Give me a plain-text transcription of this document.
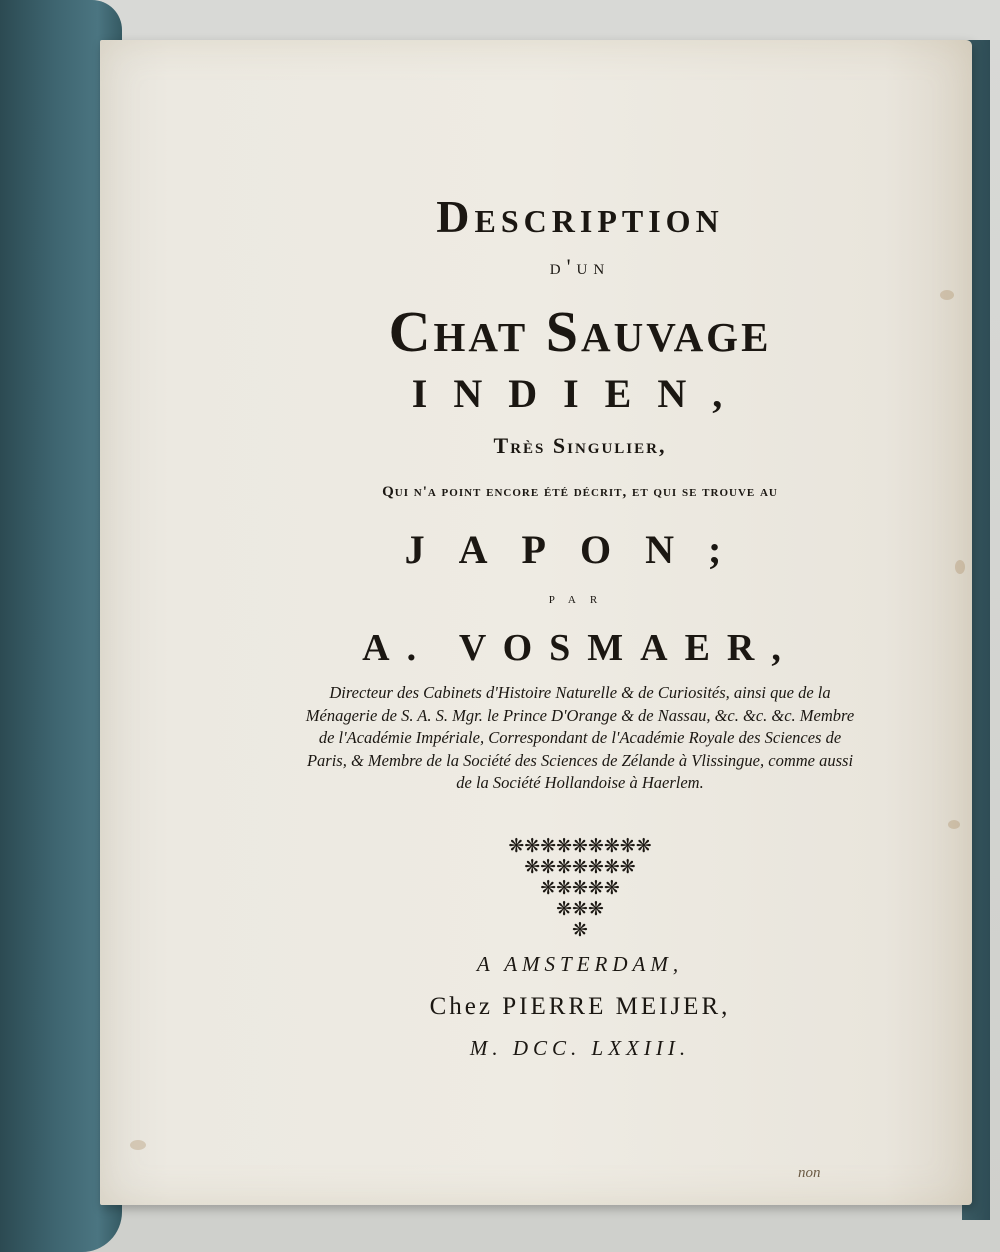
Description
d'un
Chat Sauvage
INDIEN,
Très Singulier,
Qui n'a point encore été décrit, et qui se trouve au
JAPON;
par
A. VOSMAER,
Directeur des Cabinets d'Histoire Naturelle & de Curiosités, ainsi que de la Ménagerie de S. A. S. Mgr. le Prince D'Orange & de Nassau, &c. &c. &c. Membre de l'Académie Impériale, Correspondant de l'Académie Royale des Sciences de Paris, & Membre de la Société des Sciences de Zélande à Vlissingue, comme aussi de la Société Hollandoise à Haerlem.
❋❋❋❋❋❋❋❋❋
❋❋❋❋❋❋❋
❋❋❋❋❋
❋❋❋
❋
A AMSTERDAM,
Chez PIERRE MEIJER,
M. DCC. LXXIII.
non
